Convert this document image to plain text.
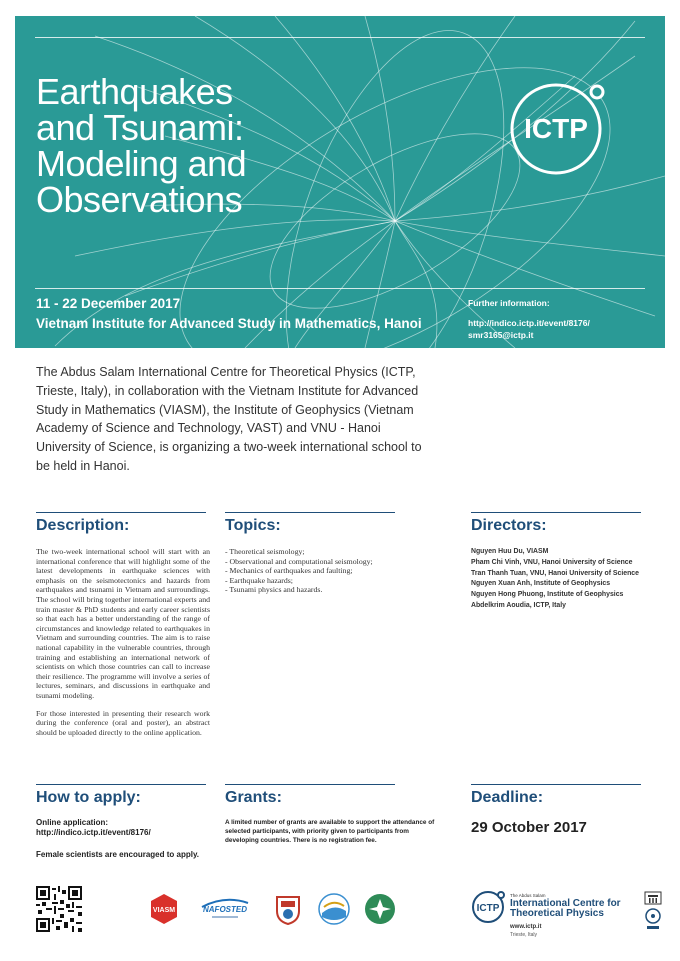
Earthquakes
and Tsunami:
Modeling and
Observations
ICTP
11 - 22 December 2017
Vietnam Institute for Advanced Study in Mathematics, Hanoi
Further information:
http://indico.ictp.it/event/8176/
smr3165@ictp.it
The Abdus Salam International Centre for Theoretical Physics (ICTP, Trieste, Italy), in collaboration with the Vietnam Institute for Advanced Study in Mathematics (VIASM), the Institute of Geophysics (Vietnam Academy of Science and Technology, VAST) and VNU - Hanoi University of Science, is organizing a two-week international school to be held in Hanoi.
Description:	Topics:	Directors:

The two-week international school will start with an international conference that will highlight some of the latest developments in earthquake sciences with emphasis on the seismotectonics and hazards from earthquakes and tsunami in Vietnam and surroundings. The school will bring together international experts and train master & PhD students and early career scientists so that each has a better understanding of the range of circumstances and knowledge related to earthquakes in Vietnam and surrounding countries. The aim is to raise national capability in the vulnerable countries, through training and establishing an international network of scientists on which those countries can call to increase their resilience. The programme will involve a series of lectures, seminars, and discussions in earthquake and tsunami modeling.

For those interested in presenting their research work during the conference (oral and poster), an abstract should be uploaded directly to the online application.

- Theoretical seismology;
- Observational and computational seismology;
- Mechanics of earthquakes and faulting;
- Earthquake hazards;
- Tsunami physics and hazards.
Nguyen Huu Du, VIASM
Pham Chi Vinh, VNU, Hanoi University of Science
Tran Thanh Tuan, VNU, Hanoi University of Science
Nguyen Xuan Anh, Institute of Geophysics
Nguyen Hong Phuong, Institute of Geophysics
Abdelkrim Aoudia, ICTP, Italy
How to apply:	Grants:	Deadline:
Online application:
http://indico.ictp.it/event/8176/
Female scientists are encouraged to apply.
A limited number of grants are available to support the attendance of selected participants, with priority given to participants from developing countries. There is no registration fee.
29 October 2017
VIASM	NAFOSTED	ICTP
The Abdus Salam
International Centre for Theoretical Physics
www.ictp.it
Trieste, Italy
